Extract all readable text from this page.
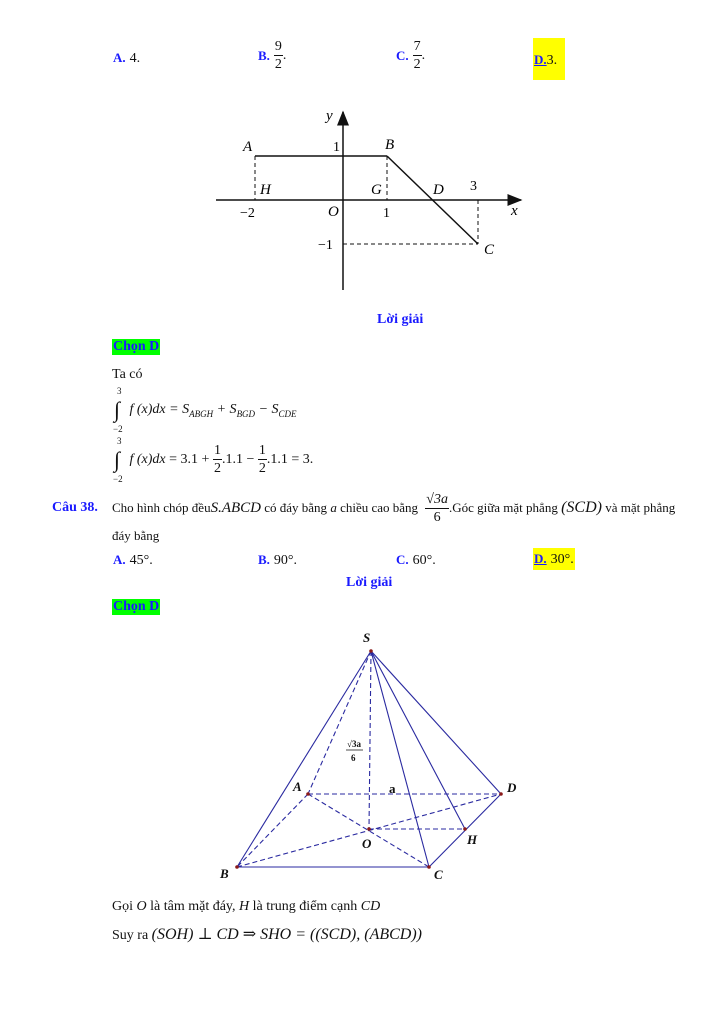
A. 4.	B. $\frac{9}{2}$ .	C. $\frac{7}{2}$ .	D.3.
x
y
A	B
C
D
G
H
O
−2	1
3
1
−1
Lời giải
Chọn D
Ta có
3
∫
−2
f $(x)dx = S_{ABGH} + S_{BGD} - S_{CDE}$
3
∫
−2
f $(x)dx = 3.1 + \frac{1}{2} .1.1 - \frac{1}{2} .1.1 = 3$.
Câu 38. Cho hình chóp đềuS.ABCD có đáy bằng a chiều cao bằng $\frac{√3a}{6}$ .Góc giữa mặt phẳng (SCD) và mặt phẳng
đáy bằng
A. 45°.	B. 90°.	C. 60°.	D. 30°.
Lời giải
Chọn D
S
A	D
O	H
B	C
a
√3a
6
Gọi O là tâm mặt đáy, H là trung điểm cạnh CD
Suy ra (SOH) ⊥ CD ⇒ SHO = ((SCD), (ABCD))
